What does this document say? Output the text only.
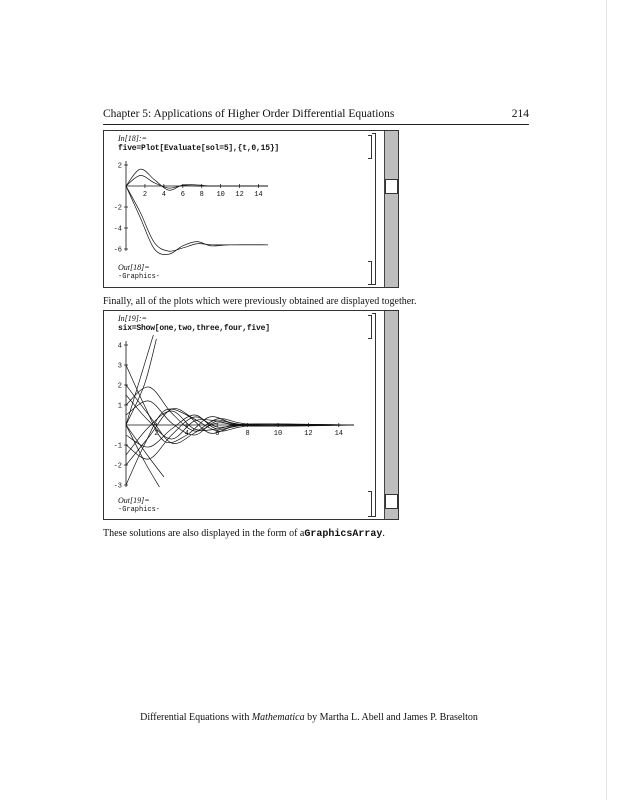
Chapter 5: Applications of Higher Order Differential Equations	214
In[18]:=
five=Plot[Evaluate[sol=5],{t,0,15}]
2 4 6 8 10 12 14
2
-2
-4
-6
Out[18]=
-Graphics-
Finally, all of the plots which were previously obtained are displayed together.
In[19]:=
six=Show[one,two,three,four,five]
2	4	6	8	10	12	14
4
3
2
1
-1
-2
-3
Out[19]=
-Graphics-
These solutions are also displayed in the form of aGraphicsArray.
Differential Equations with Mathematica by Martha L. Abell and James P. Braselton
